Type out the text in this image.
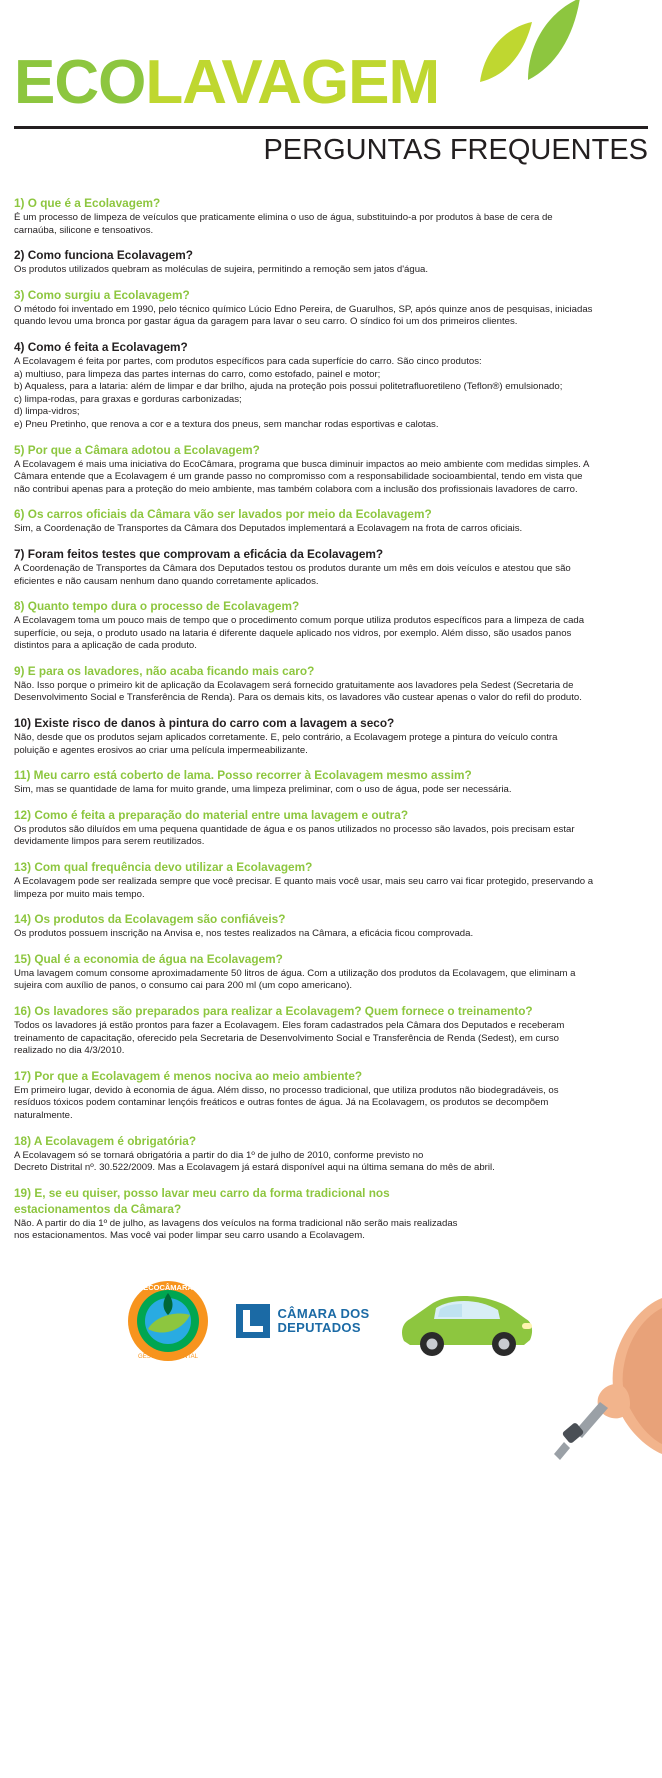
ECOLAVAGEM
PERGUNTAS FREQUENTES

1) O que é a Ecolavagem?

É um processo de limpeza de veículos que praticamente elimina o uso de água, substituindo-a por produtos à base de cera de
carnaúba, silicone e tensoativos.

2) Como funciona Ecolavagem?

Os produtos utilizados quebram as moléculas de sujeira, permitindo a remoção sem jatos d'água.

3) Como surgiu a Ecolavagem?

O método foi inventado em 1990, pelo técnico químico Lúcio Edno Pereira, de Guarulhos, SP, após quinze anos de pesquisas, iniciadas
quando levou uma bronca por gastar água da garagem para lavar o seu carro. O síndico foi um dos primeiros clientes.

4) Como é feita a Ecolavagem?

A Ecolavagem é feita por partes, com produtos específicos para cada superfície do carro. São cinco produtos:
a) multiuso, para limpeza das partes internas do carro, como estofado, painel e motor;
b) Aqualess, para a lataria: além de limpar e dar brilho, ajuda na proteção pois possui politetrafluoretileno (Teflon®) emulsionado;
c) limpa-rodas, para graxas e gorduras carbonizadas;
d) limpa-vidros;
e) Pneu Pretinho, que renova a cor e a textura dos pneus, sem manchar rodas esportivas e calotas.

5) Por que a Câmara adotou a Ecolavagem?

A Ecolavagem é mais uma iniciativa do EcoCâmara, programa que busca diminuir impactos ao meio ambiente com medidas simples. A
Câmara entende que a Ecolavagem é um grande passo no compromisso com a responsabilidade socioambiental, tendo em vista que
não contribui apenas para a proteção do meio ambiente, mas também colabora com a inclusão dos profissionais lavadores de carro.

6) Os carros oficiais da Câmara vão ser lavados por meio da Ecolavagem?

Sim, a Coordenação de Transportes da Câmara dos Deputados implementará a Ecolavagem na frota de carros oficiais.

7) Foram feitos testes que comprovam a eficácia da Ecolavagem?

A Coordenação de Transportes da Câmara dos Deputados testou os produtos durante um mês em dois veículos e atestou que são
eficientes e não causam nenhum dano quando corretamente aplicados.

8) Quanto tempo dura o processo de Ecolavagem?

A Ecolavagem toma um pouco mais de tempo que o procedimento comum porque utiliza produtos específicos para a limpeza de cada
superfície, ou seja, o produto usado na lataria é diferente daquele aplicado nos vidros, por exemplo. Além disso, são usados panos
distintos para a aplicação de cada produto.

9) E para os lavadores, não acaba ficando mais caro?

Não. Isso porque o primeiro kit de aplicação da Ecolavagem será fornecido gratuitamente aos lavadores pela Sedest (Secretaria de
Desenvolvimento Social e Transferência de Renda). Para os demais kits, os lavadores vão custear apenas o valor do refil do produto.

10) Existe risco de danos à pintura do carro com a lavagem a seco?

Não, desde que os produtos sejam aplicados corretamente. E, pelo contrário, a Ecolavagem protege a pintura do veículo contra
poluição e agentes erosivos ao criar uma película impermeabilizante.

11) Meu carro está coberto de lama. Posso recorrer à Ecolavagem mesmo assim?

Sim, mas se quantidade de lama for muito grande, uma limpeza preliminar, com o uso de água, pode ser necessária.

12) Como é feita a preparação do material entre uma lavagem e outra?

Os produtos são diluídos em uma pequena quantidade de água e os panos utilizados no processo são lavados, pois precisam estar
devidamente limpos para serem reutilizados.

13) Com qual frequência devo utilizar a Ecolavagem?

A Ecolavagem pode ser realizada sempre que você precisar. E quanto mais você usar, mais seu carro vai ficar protegido, preservando a
limpeza por muito mais tempo.

14) Os produtos da Ecolavagem são confiáveis?

Os produtos possuem inscrição na Anvisa e, nos testes realizados na Câmara, a eficácia ficou comprovada.

15) Qual é a economia de água na Ecolavagem?

Uma lavagem comum consome aproximadamente 50 litros de água. Com a utilização dos produtos da Ecolavagem, que eliminam a
sujeira com auxílio de panos, o consumo cai para 200 ml (um copo americano).

16) Os lavadores são preparados para realizar a Ecolavagem? Quem fornece o treinamento?

Todos os lavadores já estão prontos para fazer a Ecolavagem. Eles foram cadastrados pela Câmara dos Deputados e receberam
treinamento de capacitação, oferecido pela Secretaria de Desenvolvimento Social e Transferência de Renda (Sedest), em curso
realizado no dia 4/3/2010.

17) Por que a Ecolavagem é menos nociva ao meio ambiente?

Em primeiro lugar, devido à economia de água. Além disso, no processo tradicional, que utiliza produtos não biodegradáveis, os
resíduos tóxicos podem contaminar lençóis freáticos e outras fontes de água. Já na Ecolavagem, os produtos se decompõem
naturalmente.

18) A Ecolavagem é obrigatória?

A Ecolavagem só se tornará obrigatória a partir do dia 1º de julho de 2010, conforme previsto no
Decreto Distrital nº. 30.522/2009. Mas a Ecolavagem já estará disponível aqui na última semana do mês de abril.

19) E, se eu quiser, posso lavar meu carro da forma tradicional nos

estacionamentos da Câmara?

Não. A partir do dia 1º de julho, as lavagens dos veículos na forma tradicional não serão mais realizadas
nos estacionamentos. Mas você vai poder limpar seu carro usando a Ecolavagem.

ECOCÂMARA
GESTÃO AMBIENTAL
CÂMARA DOS
DEPUTADOS
